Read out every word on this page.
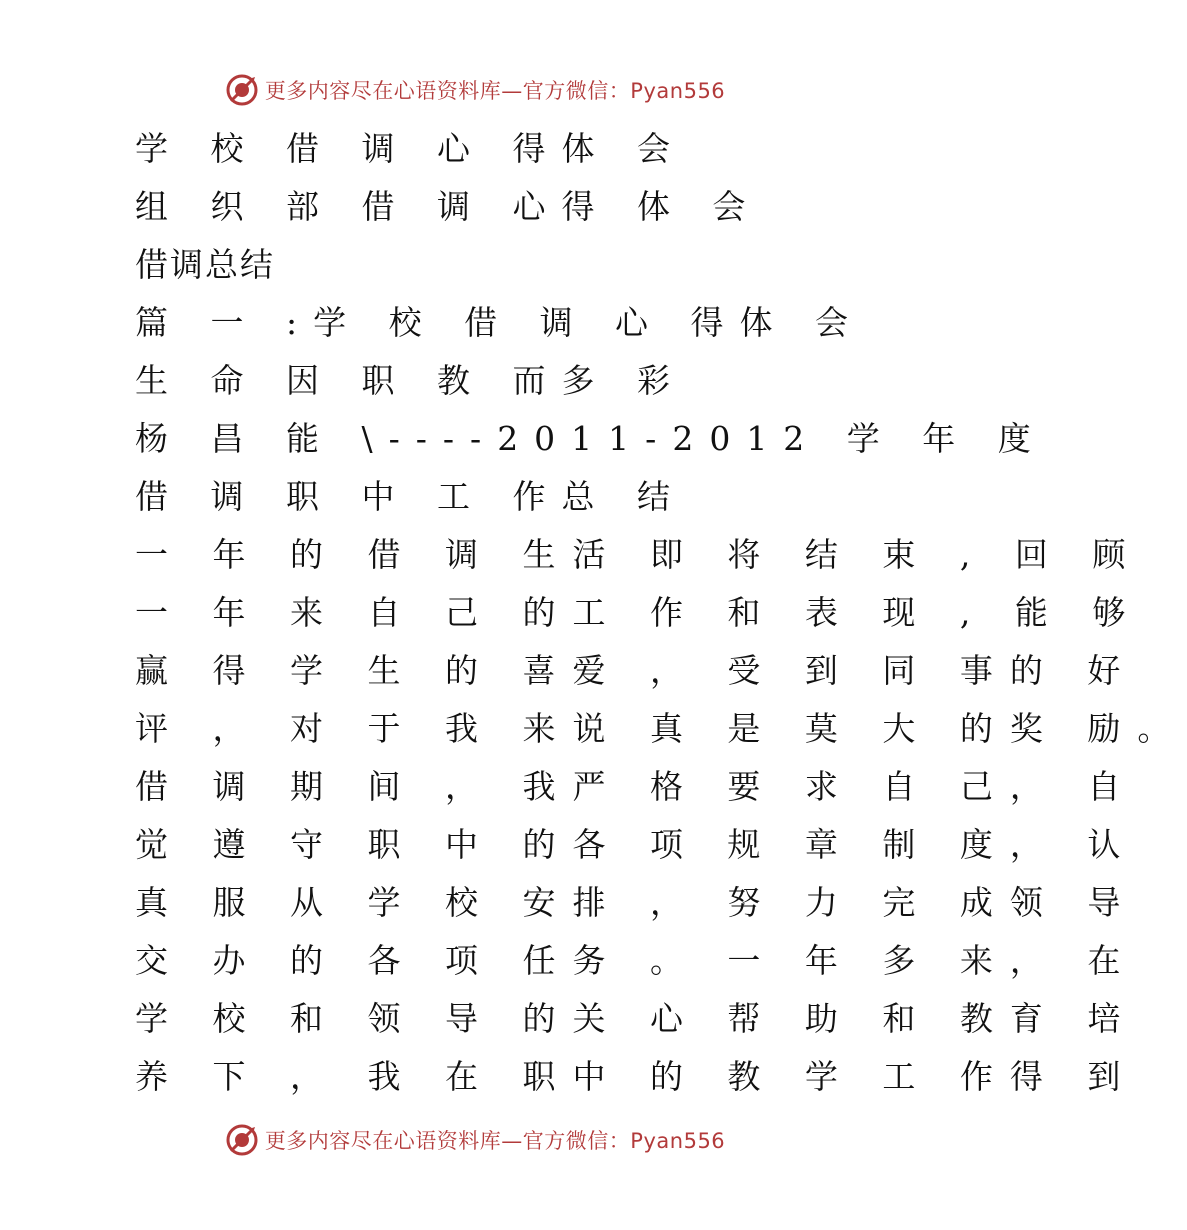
更多内容尽在心语资料库—官方微信：Pyan556

学 校 借 调 心 得体 会

组 织 部 借 调 心得 体 会

借调总结

篇 一 :学 校 借 调 心 得体 会

生 命 因 职 教 而多 彩

杨 昌 能 \----2011-2012 学 年 度

借 调 职 中 工 作总 结

一 年 的 借 调 生活 即 将 结 束 , 回 顾

一 年 来 自 己 的工 作 和 表 现 , 能 够

赢 得 学 生 的 喜爱 ， 受 到 同 事的 好

评 ， 对 于 我 来说 真 是 莫 大 的奖 励。

借 调 期 间 ， 我严 格 要 求 自 己， 自

觉 遵 守 职 中 的各 项 规 章 制 度， 认

真 服 从 学 校 安排 ， 努 力 完 成领 导

交 办 的 各 项 任务 。 一 年 多 来， 在

学 校 和 领 导 的关 心 帮 助 和 教育 培

养 下 ， 我 在 职中 的 教 学 工 作得 到

更多内容尽在心语资料库—官方微信：Pyan556
